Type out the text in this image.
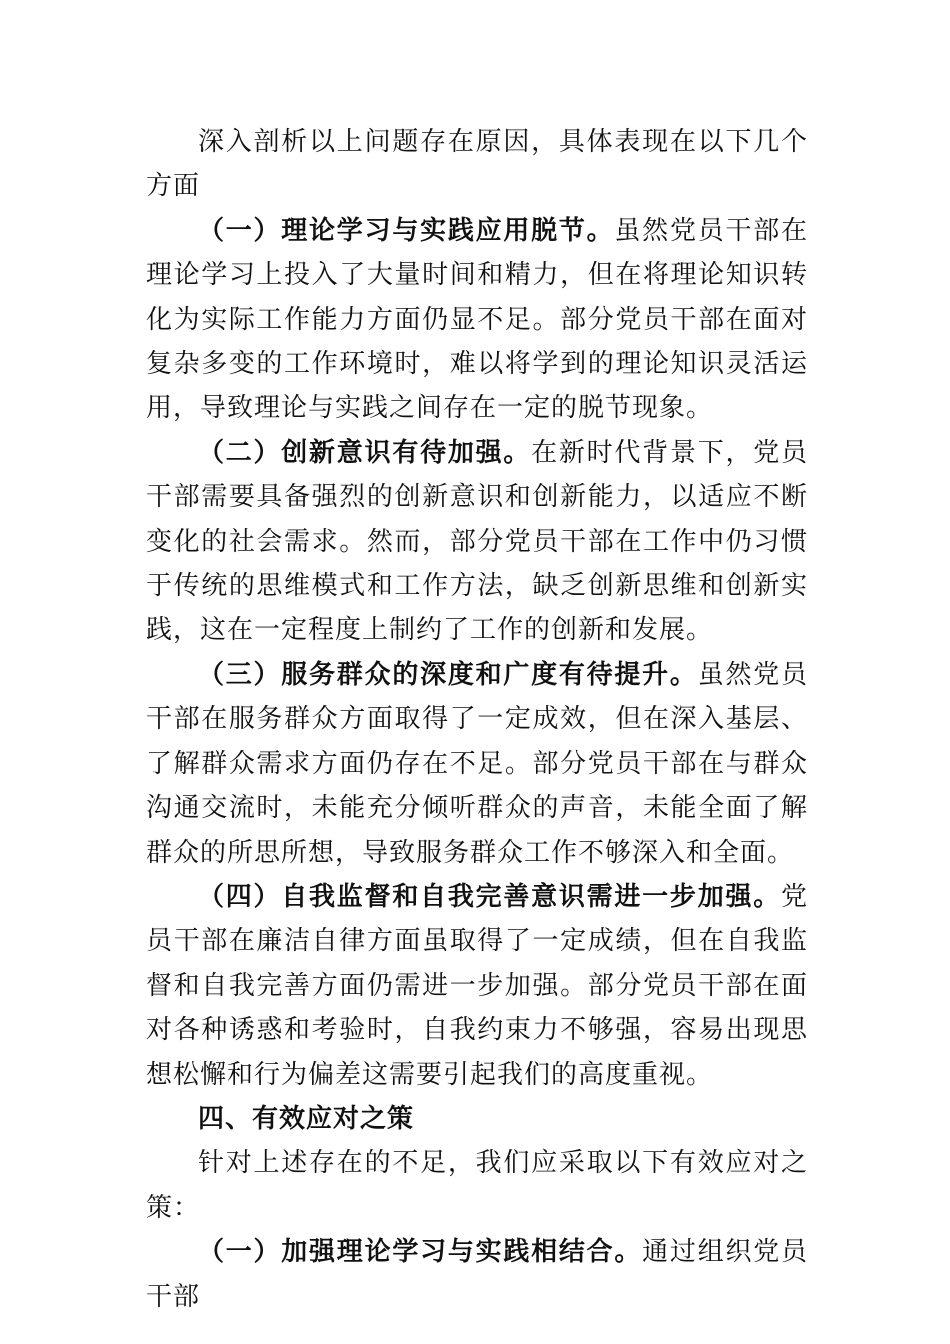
深入剖析以上问题存在原因，具体表现在以下几个方面

（一）理论学习与实践应用脱节。虽然党员干部在理论学习上投入了大量时间和精力，但在将理论知识转化为实际工作能力方面仍显不足。部分党员干部在面对复杂多变的工作环境时，难以将学到的理论知识灵活运用，导致理论与实践之间存在一定的脱节现象。

（二）创新意识有待加强。在新时代背景下，党员干部需要具备强烈的创新意识和创新能力，以适应不断变化的社会需求。然而，部分党员干部在工作中仍习惯于传统的思维模式和工作方法，缺乏创新思维和创新实践，这在一定程度上制约了工作的创新和发展。

（三）服务群众的深度和广度有待提升。虽然党员干部在服务群众方面取得了一定成效，但在深入基层、了解群众需求方面仍存在不足。部分党员干部在与群众沟通交流时，未能充分倾听群众的声音，未能全面了解群众的所思所想，导致服务群众工作不够深入和全面。

（四）自我监督和自我完善意识需进一步加强。党员干部在廉洁自律方面虽取得了一定成绩，但在自我监督和自我完善方面仍需进一步加强。部分党员干部在面对各种诱惑和考验时，自我约束力不够强，容易出现思想松懈和行为偏差这需要引起我们的高度重视。

四、有效应对之策

针对上述存在的不足，我们应采取以下有效应对之策：

（一）加强理论学习与实践相结合。通过组织党员干部
